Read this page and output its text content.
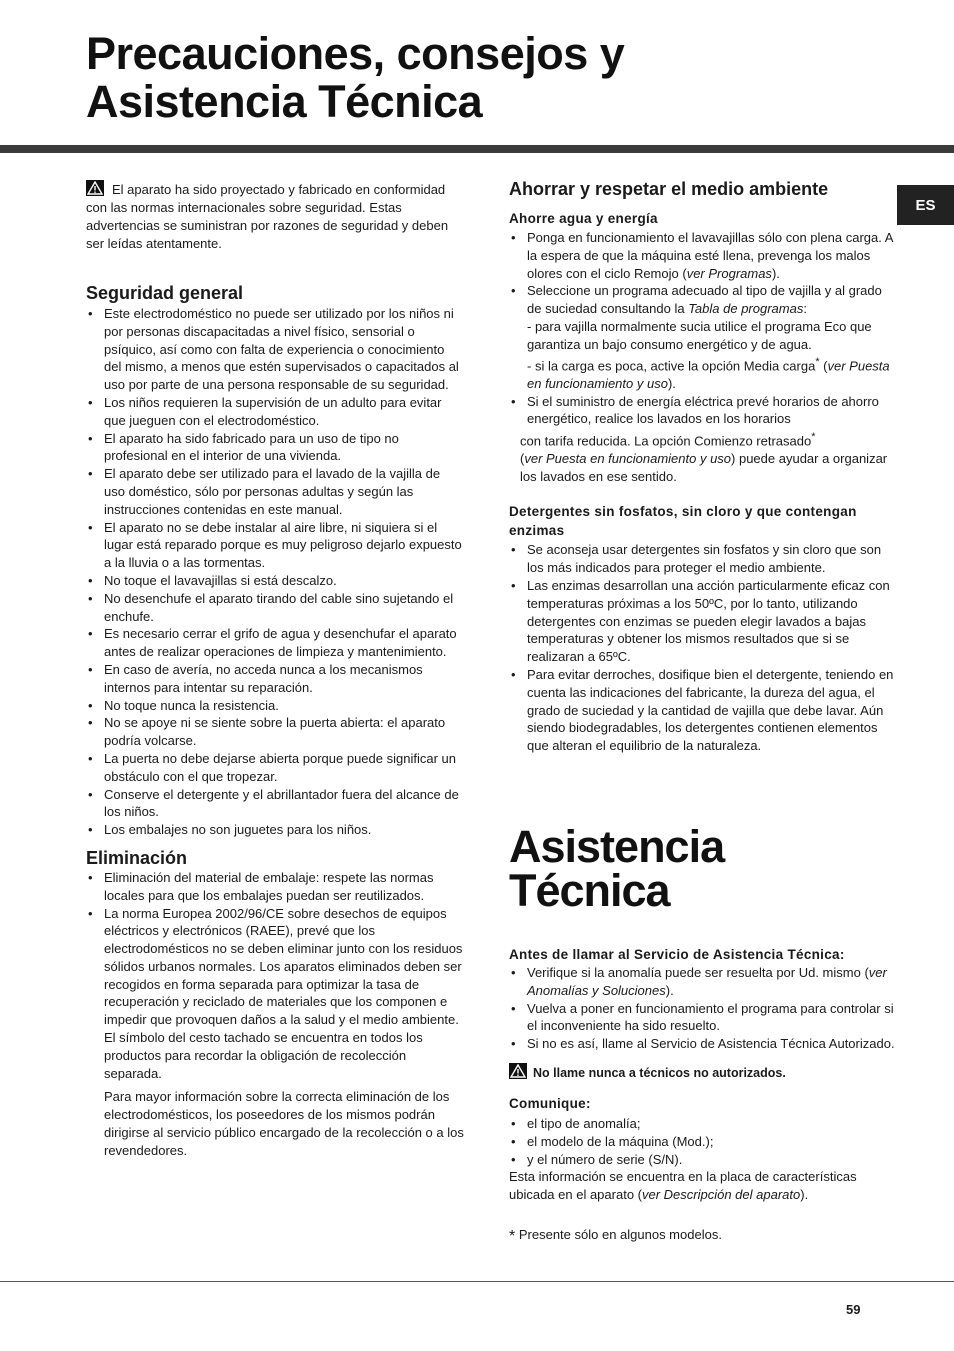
Precauciones, consejos y
Asistencia Técnica
ES

El aparato ha sido proyectado y fabricado en conformidad con las normas internacionales sobre seguridad. Estas advertencias se suministran por razones de seguridad y deben ser leídas atentamente.

Seguridad general
• Este electrodoméstico no puede ser utilizado por los niños ni por personas discapacitadas a nivel físico, sensorial o psíquico, así como con falta de experiencia o conocimiento del mismo, a menos que estén supervisados o capacitados al uso por parte de una persona responsable de su seguridad.
• Los niños requieren la supervisión de un adulto para evitar que jueguen con el electrodoméstico.
• El aparato ha sido fabricado para un uso de tipo no profesional en el interior de una vivienda.
• El aparato debe ser utilizado para el lavado de la vajilla de uso doméstico, sólo por personas adultas y según las instrucciones contenidas en este manual.
• El aparato no se debe instalar al aire libre, ni siquiera si el lugar está reparado porque es muy peligroso dejarlo expuesto a la lluvia o a las tormentas.
• No toque el lavavajillas si está descalzo.
• No desenchufe el aparato tirando del cable sino sujetando el enchufe.
• Es necesario cerrar el grifo de agua y desenchufar el aparato antes de realizar operaciones de limpieza y mantenimiento.
• En caso de avería, no acceda nunca a los mecanismos internos para intentar su reparación.
• No toque nunca la resistencia.
• No se apoye ni se siente sobre la puerta abierta: el aparato podría volcarse.
• La puerta no debe dejarse abierta porque puede significar un obstáculo con el que tropezar.
• Conserve el detergente y el abrillantador fuera del alcance de los niños.
• Los embalajes no son juguetes para los niños.
Eliminación
• Eliminación del material de embalaje: respete las normas locales para que los embalajes puedan ser reutilizados.
• La norma Europea 2002/96/CE sobre desechos de equipos eléctricos y electrónicos (RAEE), prevé que los electrodomésticos no se deben eliminar junto con los residuos sólidos urbanos normales. Los aparatos eliminados deben ser recogidos en forma separada para optimizar la tasa de recuperación y reciclado de materiales que los componen e impedir que provoquen daños a la salud y el medio ambiente. El símbolo del cesto tachado se encuentra en todos los productos para recordar la obligación de recolección separada.

Para mayor información sobre la correcta eliminación de los electrodomésticos, los poseedores de los mismos podrán dirigirse al servicio público encargado de la recolección o a los revendedores.

Ahorrar y respetar el medio ambiente
Ahorre agua y energía
• Ponga en funcionamiento el lavavajillas sólo con plena carga. A la espera de que la máquina esté llena, prevenga los malos olores con el ciclo Remojo (ver Programas).
• Seleccione un programa adecuado al tipo de vajilla y al grado de suciedad consultando la Tabla de programas:
- para vajilla normalmente sucia utilice el programa Eco que garantiza un bajo consumo energético y de agua.
- si la carga es poca, active la opción Media carga* (ver Puesta en funcionamiento y uso).
• Si el suministro de energía eléctrica prevé horarios de ahorro energético, realice los lavados en los horarios

con tarifa reducida. La opción Comienzo retrasado*
(ver Puesta en funcionamiento y uso) puede ayudar a organizar los lavados en ese sentido.

Detergentes sin fosfatos, sin cloro y que contengan enzimas
• Se aconseja usar detergentes sin fosfatos y sin cloro que son los más indicados para proteger el medio ambiente.
• Las enzimas desarrollan una acción particularmente eficaz con temperaturas próximas a los 50ºC, por lo tanto, utilizando detergentes con enzimas se pueden elegir lavados a bajas temperaturas y obtener los mismos resultados que si se realizaran a 65ºC.
• Para evitar derroches, dosifique bien el detergente, teniendo en cuenta las indicaciones del fabricante, la dureza del agua, el grado de suciedad y la cantidad de vajilla que debe lavar. Aún siendo biodegradables, los detergentes contienen elementos que alteran el equilibrio de la naturaleza.
Asistencia
Técnica
Antes de llamar al Servicio de Asistencia Técnica:
• Verifique si la anomalía puede ser resuelta por Ud. mismo (ver Anomalías y Soluciones).
• Vuelva a poner en funcionamiento el programa para controlar si el inconveniente ha sido resuelto.
• Si no es así, llame al Servicio de Asistencia Técnica Autorizado.

No llame nunca a técnicos no autorizados.

Comunique:
• el tipo de anomalía;
• el modelo de la máquina (Mod.);
• y el número de serie (S/N).

Esta información se encuentra en la placa de características ubicada en el aparato (ver Descripción del aparato).

* Presente sólo en algunos modelos.

59
